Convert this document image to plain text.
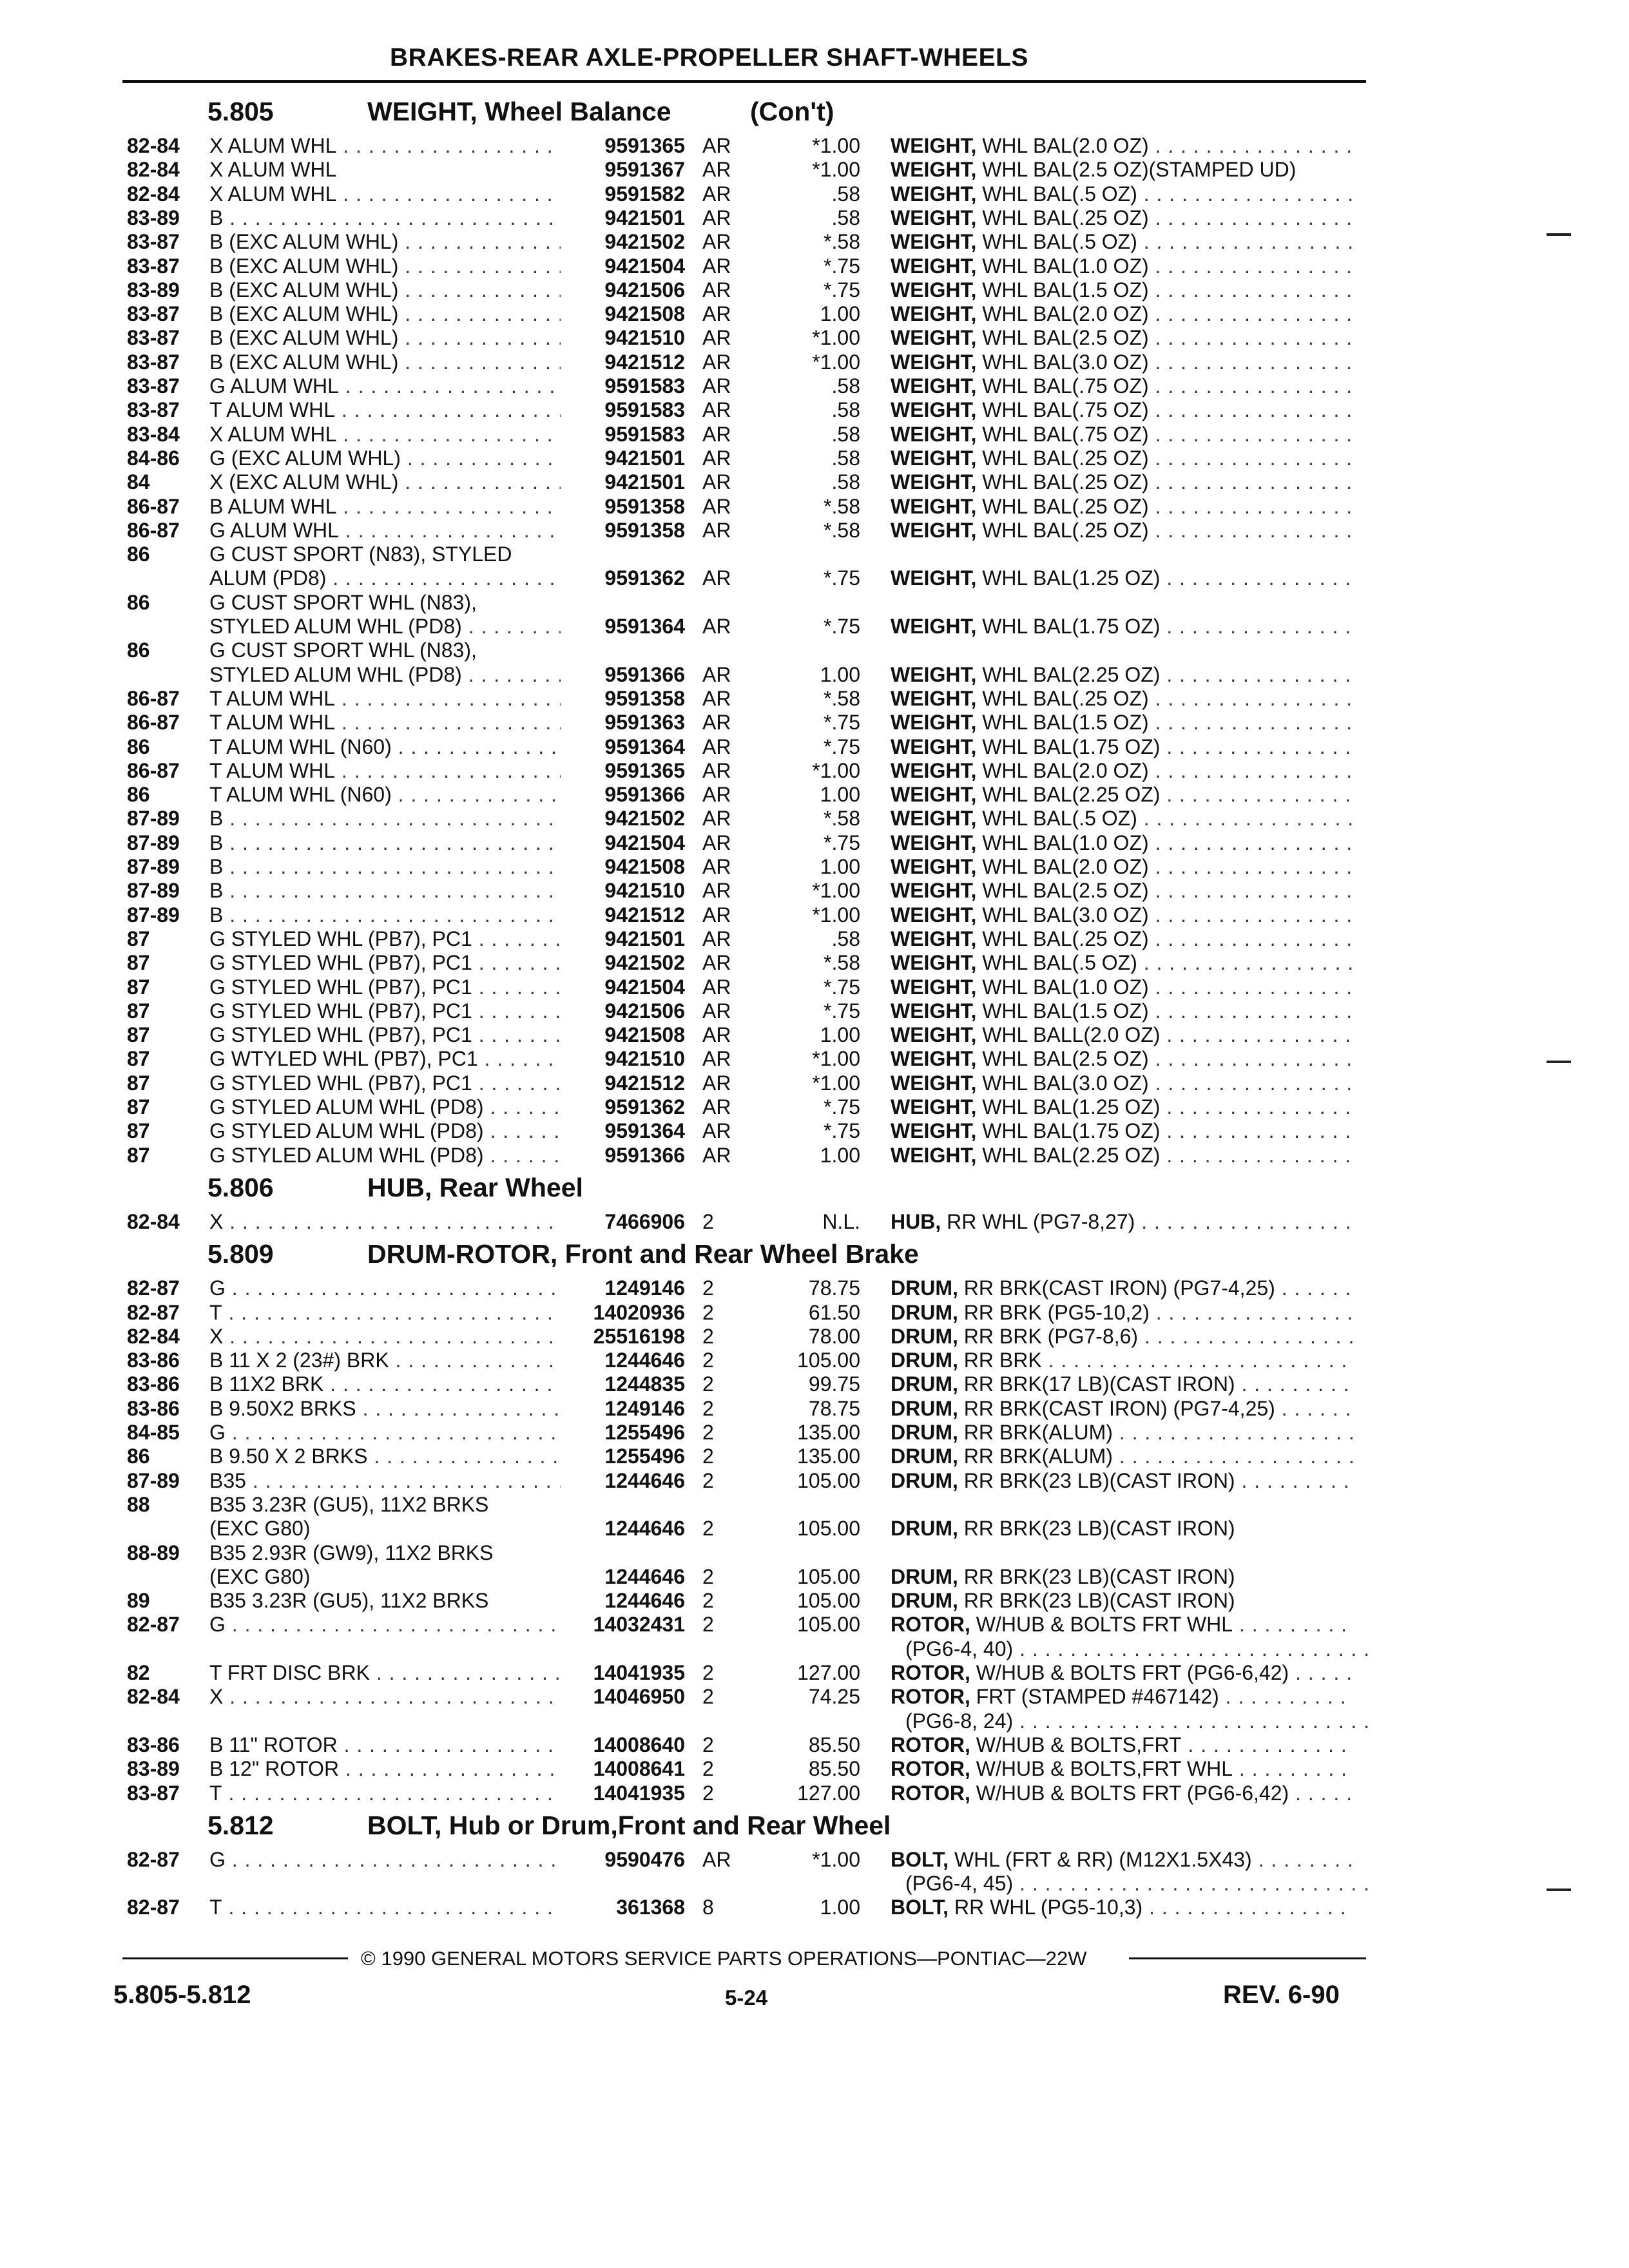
BRAKES-REAR AXLE-PROPELLER SHAFT-WHEELS
5.805	WEIGHT, Wheel Balance	(Con't)
82-84 X ALUM WHL . . .	9591365 AR	*1.00 WEIGHT, WHL BAL(2.0 OZ) . . .
82-84 X ALUM WHL	9591367 AR	*1.00 WEIGHT, WHL BAL(2.5 OZ)(STAMPED UD)
82-84 X ALUM WHL . . .	9591582 AR	.58 WEIGHT, WHL BAL(.5 OZ) . . .
83-89 B . . .	9421501 AR	.58 WEIGHT, WHL BAL(.25 OZ) . . .
83-87 B (EXC ALUM WHL) . . .	9421502 AR	*.58 WEIGHT, WHL BAL(.5 OZ) . . .
83-87 B (EXC ALUM WHL) . . .	9421504 AR	*.75 WEIGHT, WHL BAL(1.0 OZ) . . .
83-89 B (EXC ALUM WHL) . . .	9421506 AR	*.75 WEIGHT, WHL BAL(1.5 OZ) . . .
83-87 B (EXC ALUM WHL) . . .	9421508 AR	1.00 WEIGHT, WHL BAL(2.0 OZ) . . .
83-87 B (EXC ALUM WHL) . . .	9421510 AR	*1.00 WEIGHT, WHL BAL(2.5 OZ) . . .
83-87 B (EXC ALUM WHL) . . .	9421512 AR	*1.00 WEIGHT, WHL BAL(3.0 OZ) . . .
83-87 G ALUM WHL . . .	9591583 AR	.58 WEIGHT, WHL BAL(.75 OZ) . . .
83-87 T ALUM WHL . . .	9591583 AR	.58 WEIGHT, WHL BAL(.75 OZ) . . .
83-84 X ALUM WHL . . .	9591583 AR	.58 WEIGHT, WHL BAL(.75 OZ) . . .
84-86 G (EXC ALUM WHL) . . .	9421501 AR	.58 WEIGHT, WHL BAL(.25 OZ) . . .
84	X (EXC ALUM WHL) . . .	9421501 AR	.58 WEIGHT, WHL BAL(.25 OZ) . . .
86-87 B ALUM WHL . . .	9591358 AR	*.58 WEIGHT, WHL BAL(.25 OZ) . . .
86-87 G ALUM WHL . . .	9591358 AR	*.58 WEIGHT, WHL BAL(.25 OZ) . . .
86	G CUST SPORT (N83), STYLED
ALUM (PD8) . . .	9591362 AR	*.75 WEIGHT, WHL BAL(1.25 OZ) . . .
86	G CUST SPORT WHL (N83),
STYLED ALUM WHL (PD8) . . .	9591364 AR	*.75 WEIGHT, WHL BAL(1.75 OZ) . . .
86	G CUST SPORT WHL (N83),
STYLED ALUM WHL (PD8) . . .	9591366 AR	1.00 WEIGHT, WHL BAL(2.25 OZ) . . .
86-87 T ALUM WHL . . .	9591358 AR	*.58 WEIGHT, WHL BAL(.25 OZ) . . .
86-87 T ALUM WHL . . .	9591363 AR	*.75 WEIGHT, WHL BAL(1.5 OZ) . . .
86	T ALUM WHL (N60) . . .	9591364 AR	*.75 WEIGHT, WHL BAL(1.75 OZ) . . .
86-87 T ALUM WHL . . .	9591365 AR	*1.00 WEIGHT, WHL BAL(2.0 OZ) . . .
86	T ALUM WHL (N60) . . .	9591366 AR	1.00 WEIGHT, WHL BAL(2.25 OZ) . . .
87-89 B . . .	9421502 AR	*.58 WEIGHT, WHL BAL(.5 OZ) . . .
87-89 B . . .	9421504 AR	*.75 WEIGHT, WHL BAL(1.0 OZ) . . .
87-89 B . . .	9421508 AR	1.00 WEIGHT, WHL BAL(2.0 OZ) . . .
87-89 B . . .	9421510 AR	*1.00 WEIGHT, WHL BAL(2.5 OZ) . . .
87-89 B . . .	9421512 AR	*1.00 WEIGHT, WHL BAL(3.0 OZ) . . .
87	G STYLED WHL (PB7), PC1 . . .	9421501 AR	.58 WEIGHT, WHL BAL(.25 OZ) . . .
87	G STYLED WHL (PB7), PC1 . . .	9421502 AR	*.58 WEIGHT, WHL BAL(.5 OZ) . . .
87	G STYLED WHL (PB7), PC1 . . .	9421504 AR	*.75 WEIGHT, WHL BAL(1.0 OZ) . . .
87	G STYLED WHL (PB7), PC1 . . .	9421506 AR	*.75 WEIGHT, WHL BAL(1.5 OZ) . . .
87	G STYLED WHL (PB7), PC1 . . .	9421508 AR	1.00 WEIGHT, WHL BALL(2.0 OZ) . . .
87	G WTYLED WHL (PB7), PC1 . . .	9421510 AR	*1.00 WEIGHT, WHL BAL(2.5 OZ) . . .
87	G STYLED WHL (PB7), PC1 . . .	9421512 AR	*1.00 WEIGHT, WHL BAL(3.0 OZ) . . .
87	G STYLED ALUM WHL (PD8) . . .	9591362 AR	*.75 WEIGHT, WHL BAL(1.25 OZ) . . .
87	G STYLED ALUM WHL (PD8) . . .	9591364 AR	*.75 WEIGHT, WHL BAL(1.75 OZ) . . .
87	G STYLED ALUM WHL (PD8) . . .	9591366 AR	1.00 WEIGHT, WHL BAL(2.25 OZ) . . .
5.806	HUB, Rear Wheel
82-84 X . . .	7466906 2	N.L. HUB, RR WHL (PG7-8,27) . . .
5.809	DRUM-ROTOR, Front and Rear Wheel Brake
82-87 G . . .	1249146 2	78.75 DRUM, RR BRK(CAST IRON) (PG7-4,25) . . .
82-87 T . . .	14020936 2	61.50 DRUM, RR BRK (PG5-10,2) . . .
82-84 X . . .	25516198 2	78.00 DRUM, RR BRK (PG7-8,6) . . .
83-86 B 11 X 2 (23#) BRK . . .	1244646 2	105.00 DRUM, RR BRK . . .
83-86 B 11X2 BRK . . .	1244835 2	99.75 DRUM, RR BRK(17 LB)(CAST IRON) . . .
83-86 B 9.50X2 BRKS . . .	1249146 2	78.75 DRUM, RR BRK(CAST IRON) (PG7-4,25) . . .
84-85 G . . .	1255496 2	135.00 DRUM, RR BRK(ALUM) . . .
86	B 9.50 X 2 BRKS . . .	1255496 2	135.00 DRUM, RR BRK(ALUM) . . .
87-89 B35 . . .	1244646 2	105.00 DRUM, RR BRK(23 LB)(CAST IRON) . . .
88	B35 3.23R (GU5), 11X2 BRKS
(EXC G80)	1244646 2	105.00 DRUM, RR BRK(23 LB)(CAST IRON)
88-89 B35 2.93R (GW9), 11X2 BRKS
(EXC G80)	1244646 2	105.00 DRUM, RR BRK(23 LB)(CAST IRON)
89	B35 3.23R (GU5), 11X2 BRKS	1244646 2	105.00 DRUM, RR BRK(23 LB)(CAST IRON)
82-87 G . . .	14032431 2	105.00 ROTOR, W/HUB & BOLTS FRT WHL . . .
(PG6-4, 40) . . .
82	T FRT DISC BRK . . .	14041935 2	127.00 ROTOR, W/HUB & BOLTS FRT (PG6-6,42) . . .
82-84 X . . .	14046950 2	74.25 ROTOR, FRT (STAMPED #467142) . . .
(PG6-8, 24) . . .
83-86 B 11" ROTOR . . .	14008640 2	85.50 ROTOR, W/HUB & BOLTS,FRT . . .
83-89 B 12" ROTOR . . .	14008641 2	85.50 ROTOR, W/HUB & BOLTS,FRT WHL . . .
83-87 T . . .	14041935 2	127.00 ROTOR, W/HUB & BOLTS FRT (PG6-6,42) . . .
5.812	BOLT, Hub or Drum,Front and Rear Wheel
82-87 G . . .	9590476 AR	*1.00 BOLT, WHL (FRT & RR) (M12X1.5X43) . . .
(PG6-4, 45) . . .
82-87 T . . .	361368 8	1.00 BOLT, RR WHL (PG5-10,3) . . .
© 1990 GENERAL MOTORS SERVICE PARTS OPERATIONS—PONTIAC—22W
5.805-5.812	5-24	REV. 6-90
